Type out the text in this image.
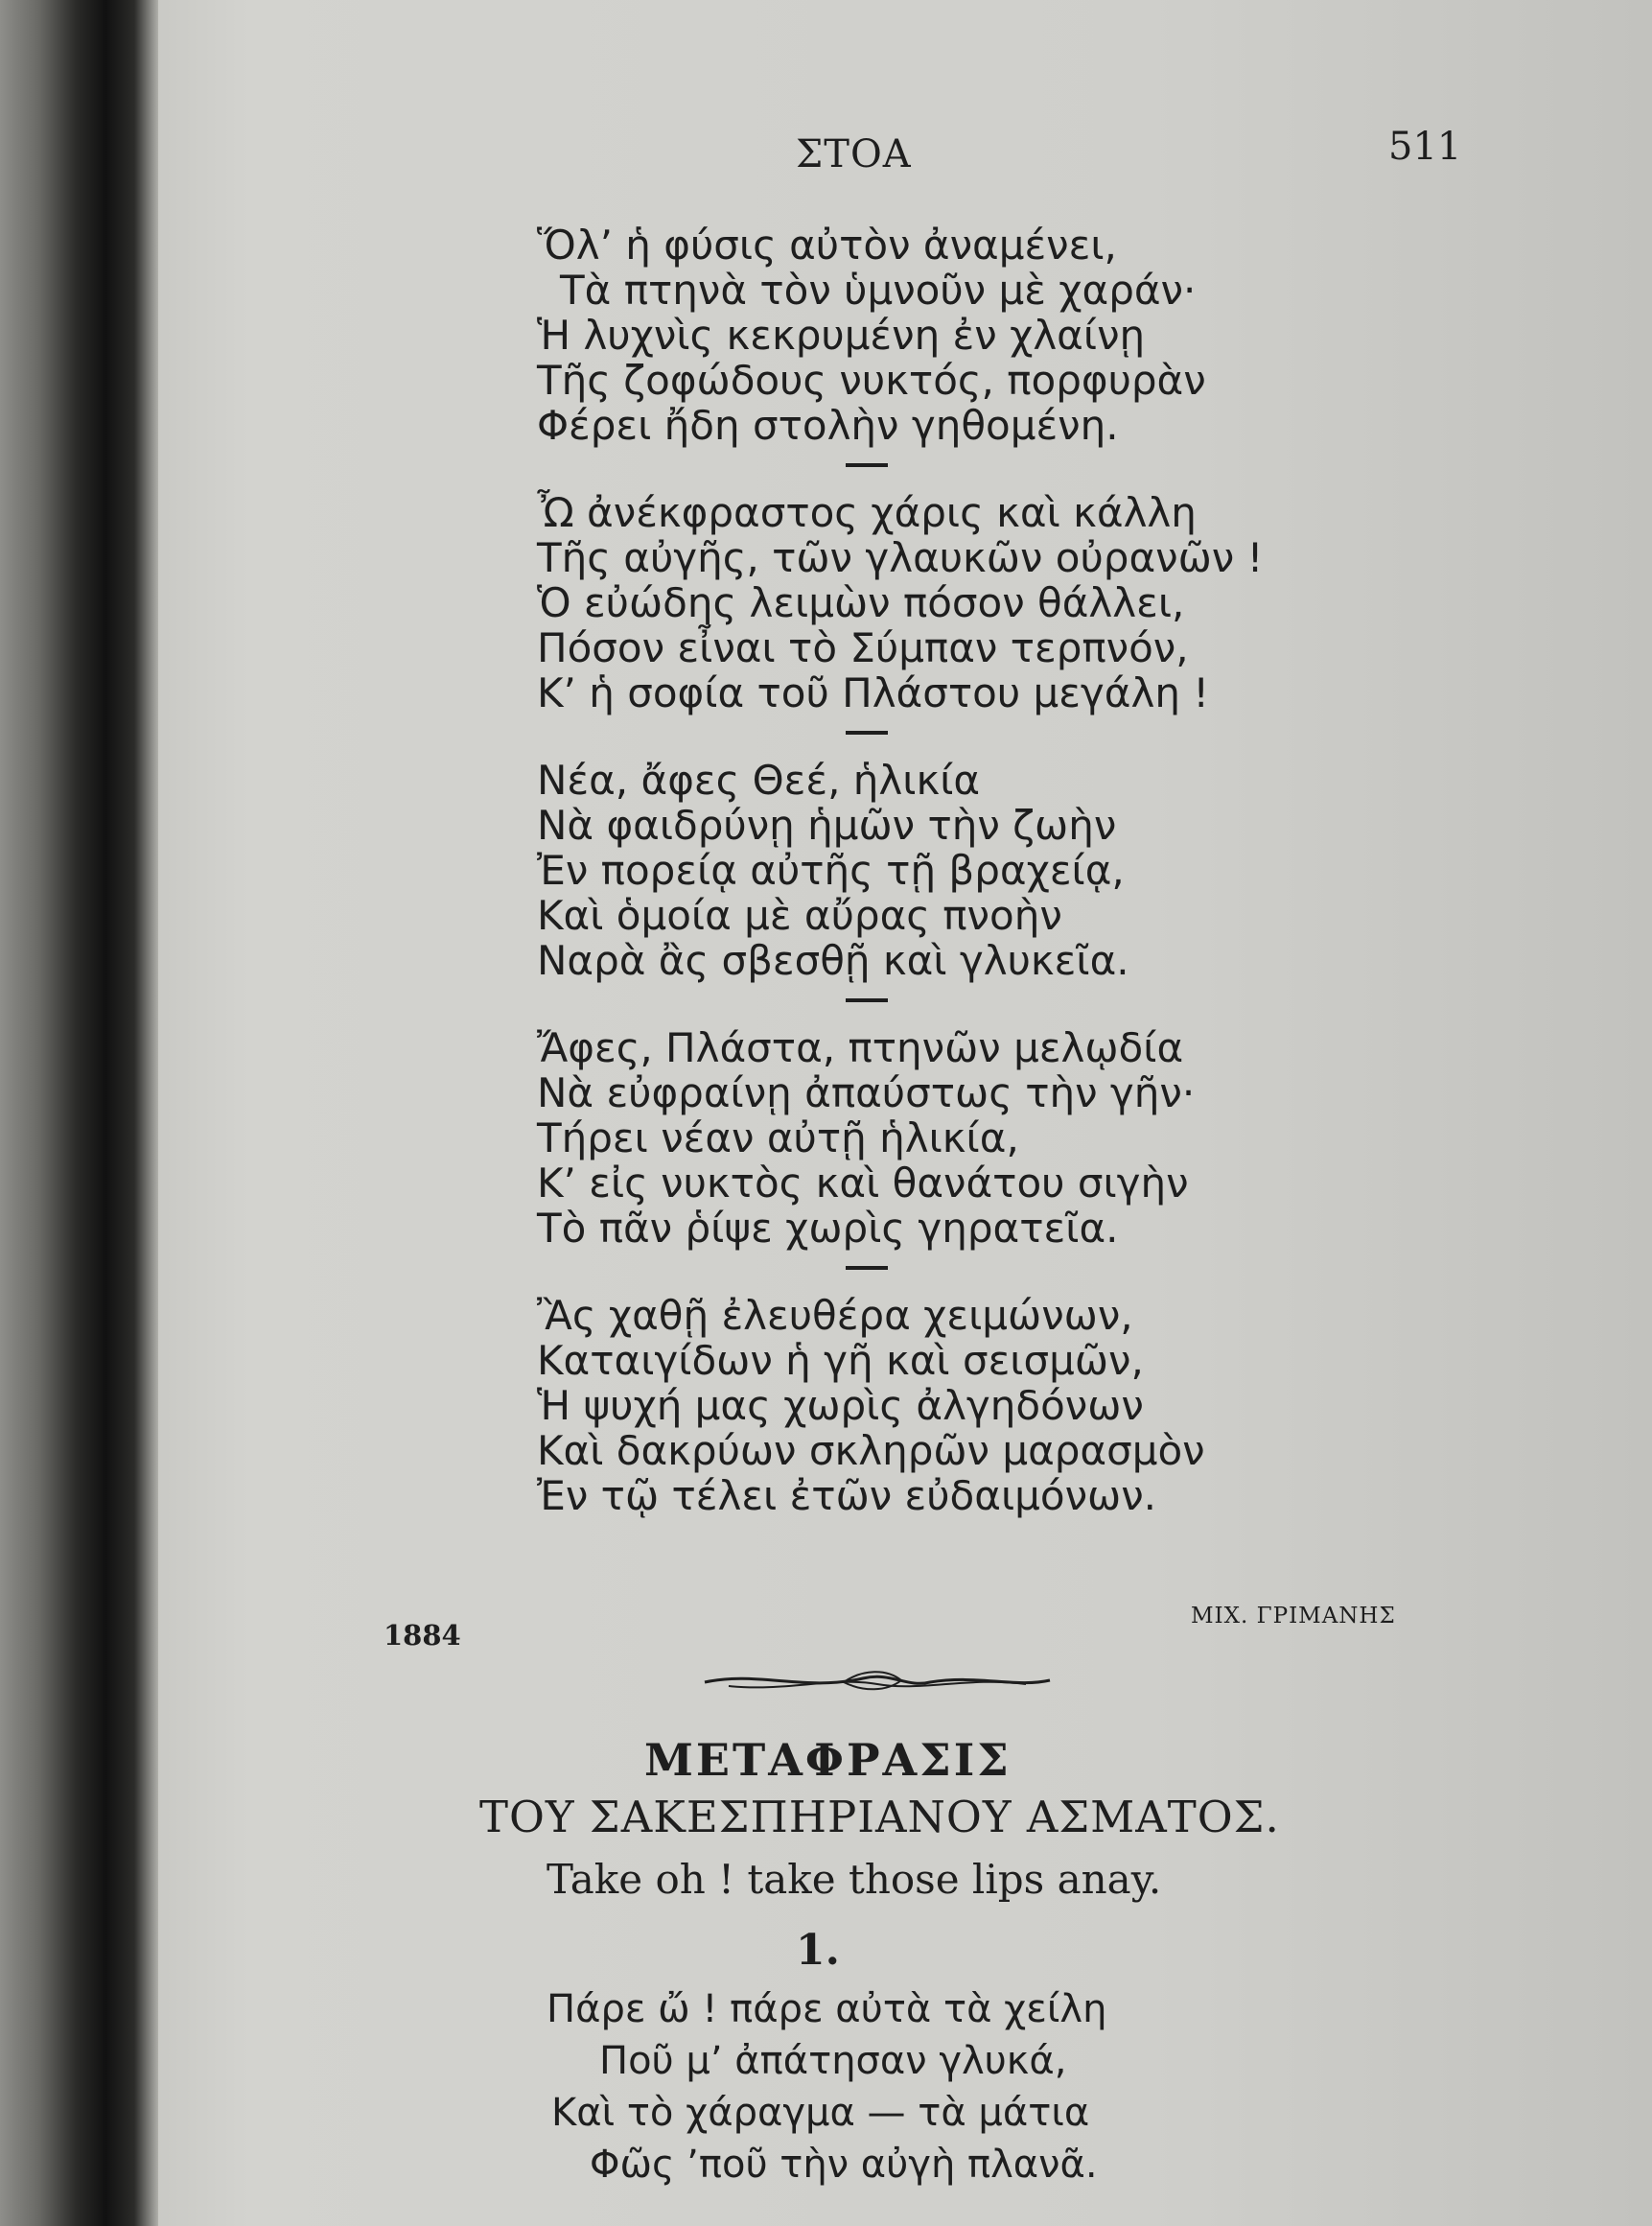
ΣΤΟΑ	511
Ὅλ’ ἡ φύσις αὐτὸν ἀναμένει,
Τὰ πτηνὰ τὸν ὑμνοῦν μὲ χαράν·
Ἡ λυχνὶς κεκρυμένη ἐν χλαίνῃ
Τῆς ζοφώδους νυκτός, πορφυρὰν
Φέρει ἤδη στολὴν γηθομένη.
Ὦ ἀνέκφραστος χάρις καὶ κάλλη
Τῆς αὐγῆς, τῶν γλαυκῶν οὐρανῶν !
Ὁ εὐώδης λειμὼν πόσον θάλλει,
Πόσον εἶναι τὸ Σύμπαν τερπνόν,
Κ’ ἡ σοφία τοῦ Πλάστου μεγάλη !
Νέα, ἄφες Θεέ, ἡλικία
Νὰ φαιδρύνῃ ἡμῶν τὴν ζωὴν
Ἐν πορείᾳ αὐτῆς τῇ βραχείᾳ,
Καὶ ὁμοία μὲ αὔρας πνοὴν
Ναρὰ ἂς σβεσθῇ καὶ γλυκεῖα.
Ἄφες, Πλάστα, πτηνῶν μελῳδία
Νὰ εὐφραίνῃ ἀπαύστως τὴν γῆν·
Τήρει νέαν αὐτῇ ἡλικία,
Κ’ εἰς νυκτὸς καὶ θανάτου σιγὴν
Τὸ πᾶν ῥίψε χωρὶς γηρατεῖα.
Ἂς χαθῇ ἐλευθέρα χειμώνων,
Καταιγίδων ἡ γῆ καὶ σεισμῶν,
Ἡ ψυχή μας χωρὶς ἀλγηδόνων
Καὶ δακρύων σκληρῶν μαρασμὸν
Ἐν τῷ τέλει ἐτῶν εὐδαιμόνων.
1884
ΜΙΧ. ΓΡΙΜΑΝΗΣ
ΜΕΤΑΦΡΑΣΙΣ
ΤΟΥ ΣΑΚΕΣΠΗΡΙΑΝΟΥ ΑΣΜΑΤΟΣ.
Take oh ! take those lips anay.
1.
Πάρε ὤ ! πάρε αὐτὰ τὰ χείλη
Ποῦ μ’ ἀπάτησαν γλυκά,
Καὶ τὸ χάραγμα — τὰ μάτια
Φῶς ’ποῦ τὴν αὐγὴ πλανᾶ.
